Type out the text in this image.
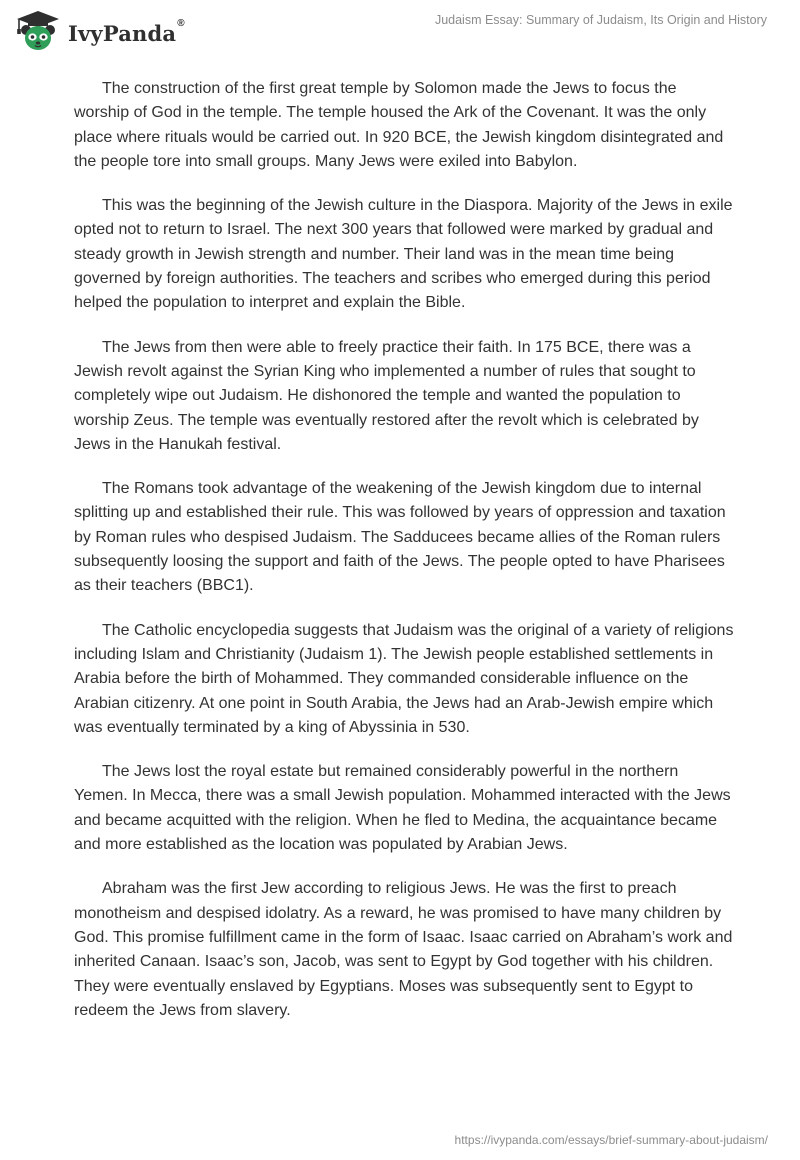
IvyPanda®	Judaism Essay: Summary of Judaism, Its Origin and History

The construction of the first great temple by Solomon made the Jews to focus the worship of God in the temple. The temple housed the Ark of the Covenant. It was the only place where rituals would be carried out. In 920 BCE, the Jewish kingdom disintegrated and the people tore into small groups. Many Jews were exiled into Babylon.

This was the beginning of the Jewish culture in the Diaspora. Majority of the Jews in exile opted not to return to Israel. The next 300 years that followed were marked by gradual and steady growth in Jewish strength and number. Their land was in the mean time being governed by foreign authorities. The teachers and scribes who emerged during this period helped the population to interpret and explain the Bible.

The Jews from then were able to freely practice their faith. In 175 BCE, there was a Jewish revolt against the Syrian King who implemented a number of rules that sought to completely wipe out Judaism. He dishonored the temple and wanted the population to worship Zeus. The temple was eventually restored after the revolt which is celebrated by Jews in the Hanukah festival.

The Romans took advantage of the weakening of the Jewish kingdom due to internal splitting up and established their rule. This was followed by years of oppression and taxation by Roman rules who despised Judaism. The Sadducees became allies of the Roman rulers subsequently loosing the support and faith of the Jews. The people opted to have Pharisees as their teachers (BBC1).

The Catholic encyclopedia suggests that Judaism was the original of a variety of religions including Islam and Christianity (Judaism 1). The Jewish people established settlements in Arabia before the birth of Mohammed. They commanded considerable influence on the Arabian citizenry. At one point in South Arabia, the Jews had an Arab-Jewish empire which was eventually terminated by a king of Abyssinia in 530.

The Jews lost the royal estate but remained considerably powerful in the northern Yemen. In Mecca, there was a small Jewish population. Mohammed interacted with the Jews and became acquitted with the religion. When he fled to Medina, the acquaintance became and more established as the location was populated by Arabian Jews.

Abraham was the first Jew according to religious Jews. He was the first to preach monotheism and despised idolatry. As a reward, he was promised to have many children by God. This promise fulfillment came in the form of Isaac. Isaac carried on Abraham’s work and inherited Canaan. Isaac’s son, Jacob, was sent to Egypt by God together with his children. They were eventually enslaved by Egyptians. Moses was subsequently sent to Egypt to redeem the Jews from slavery.

https://ivypanda.com/essays/brief-summary-about-judaism/
